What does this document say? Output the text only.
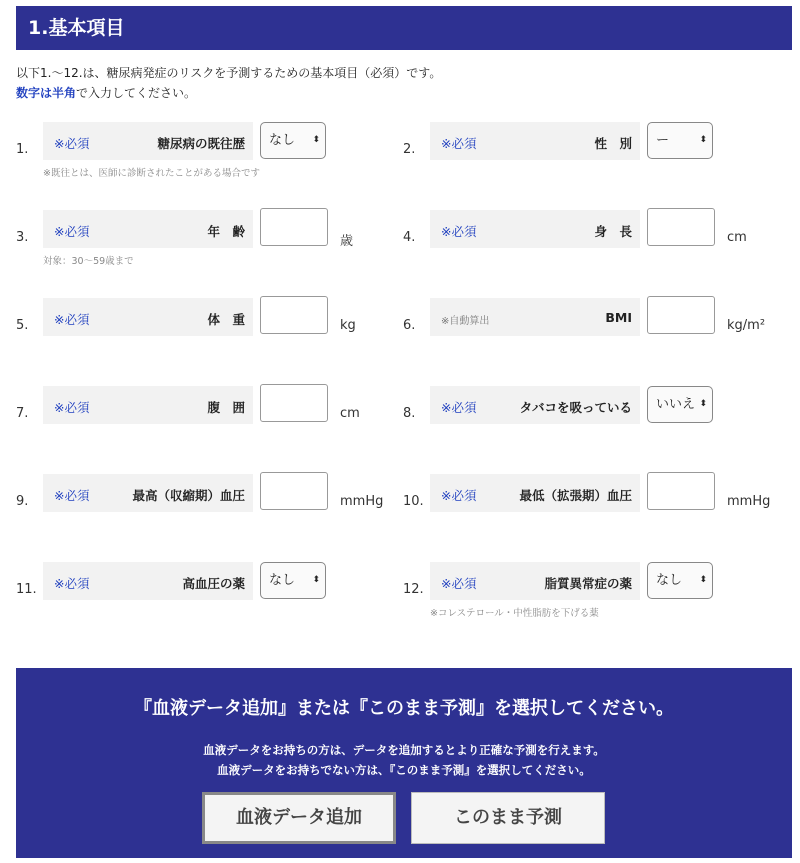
1.基本項目
以下1.〜12.は、糖尿病発症のリスクを予測するための基本項目（必須）です。
数字は半角で入力してください。
1. ※必須	糖尿病の既往歴	なし ⬍
※既往とは、医師に診断されたことがある場合です
2. ※必須	性　別	ー	⬍
3. ※必須	年　齢
歳
対象：30〜59歳まで
4. ※必須	身　長	cm
5. ※必須	体　重	kg	6.	※自動算出	BMI
kg/m²
7. ※必須	腹　囲	cm	8. ※必須	タバコを吸っている	いいえ ⬍
9. ※必須	最高（収縮期）血圧	mmHg 10. ※必須	最低（拡張期）血圧	mmHg
11. ※必須	高血圧の薬	なし ⬍
12. ※必須	脂質異常症の薬	なし ⬍
※コレステロール・中性脂肪を下げる薬
『血液データ追加』または『このまま予測』を選択してください。
血液データをお持ちの方は、データを追加するとより正確な予測を行えます。
血液データをお持ちでない方は、『このまま予測』を選択してください。
血液データ追加	このまま予測
